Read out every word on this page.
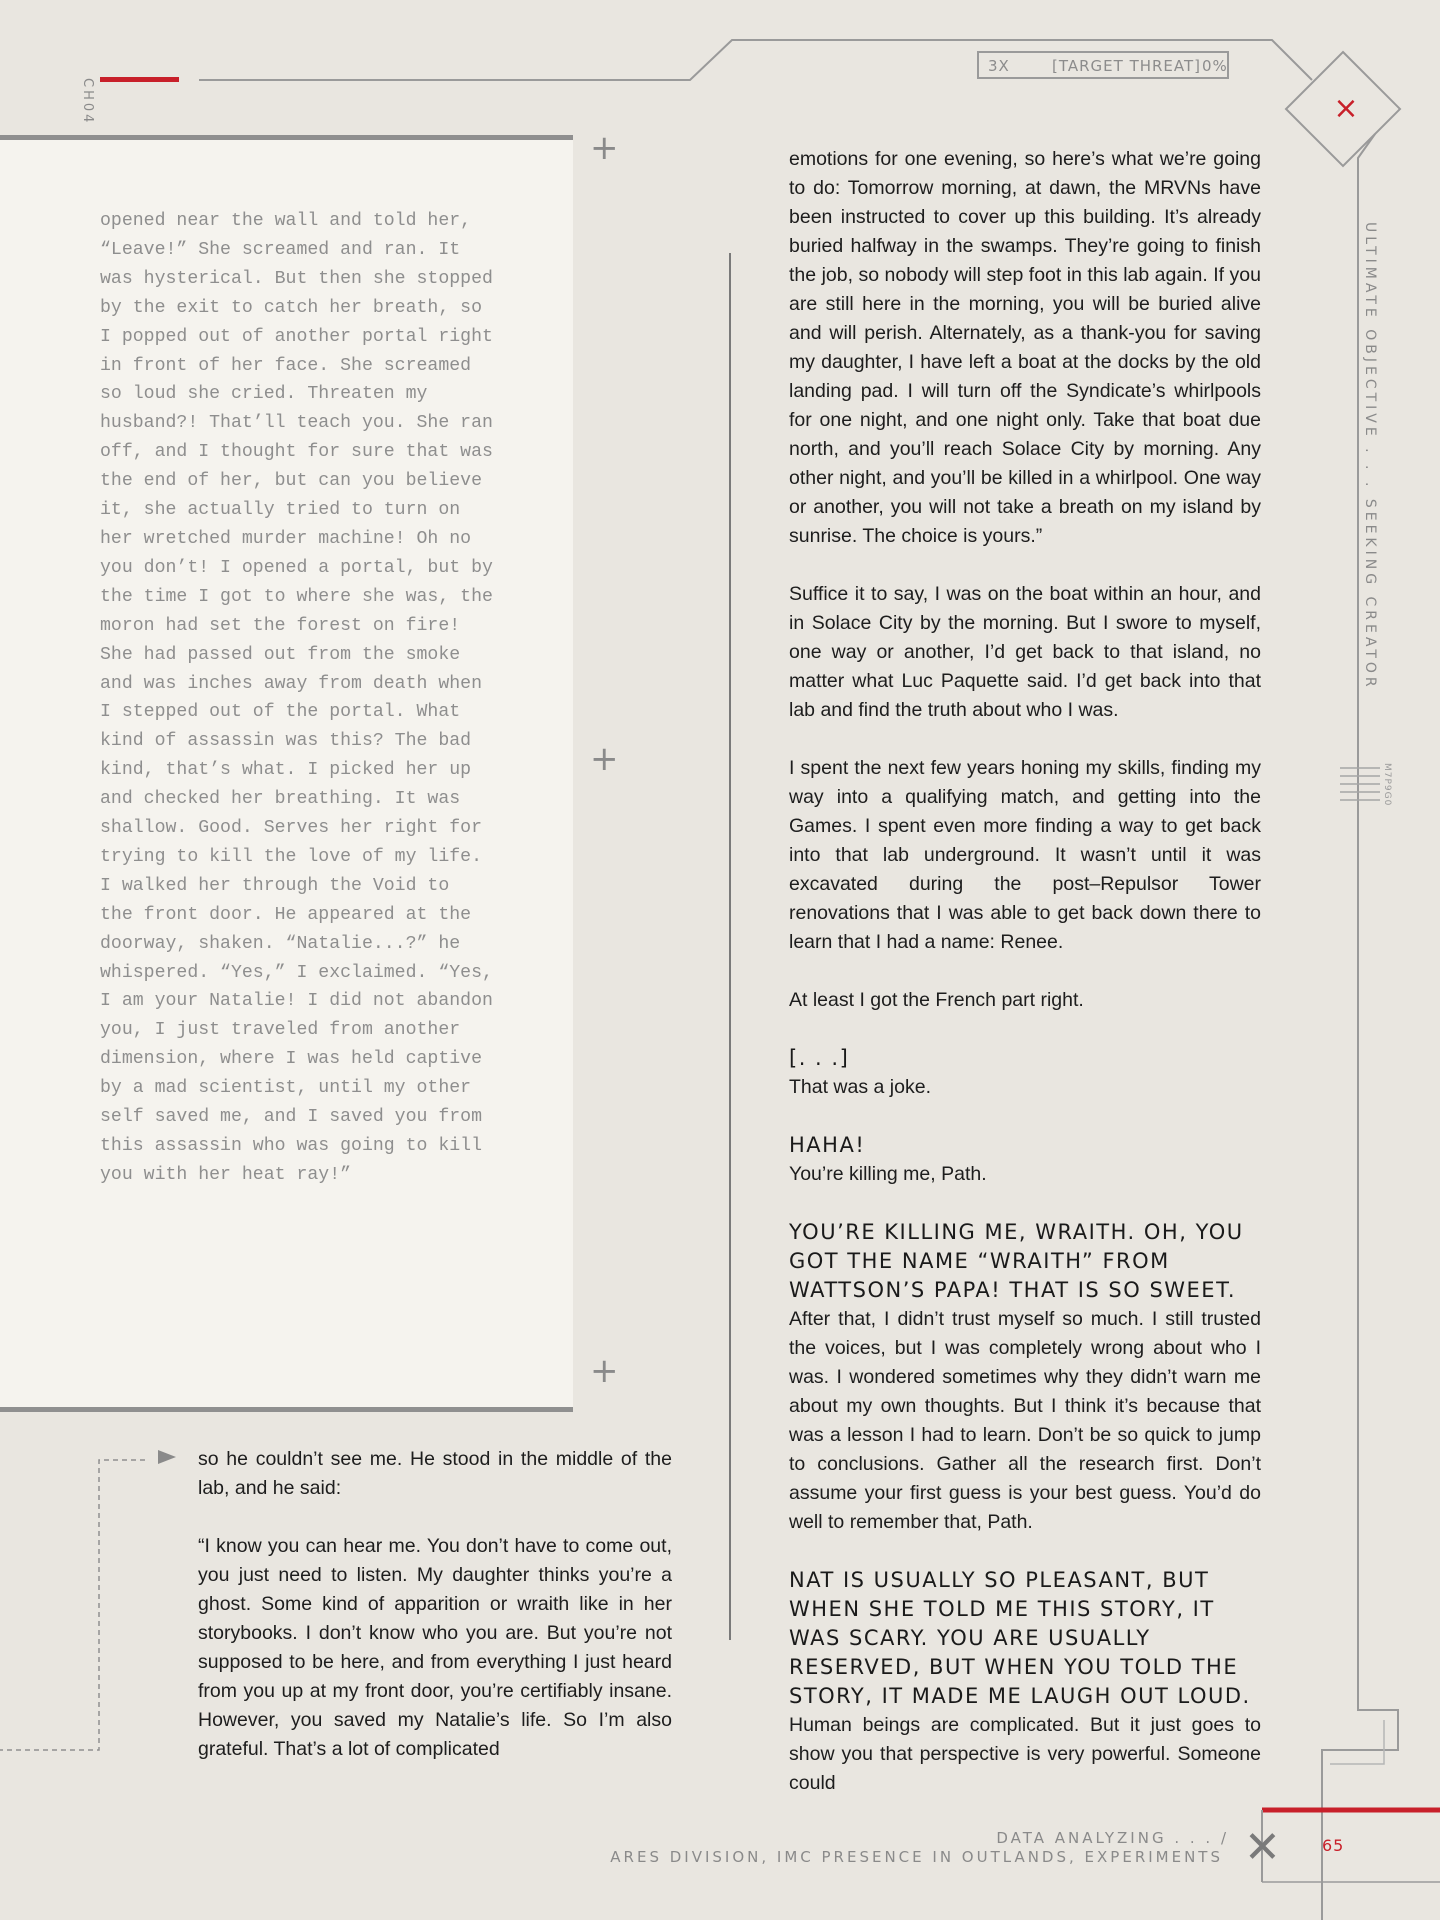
CH04
3X	[TARGET THREAT] 0%
×
ULTIMATE OBJECTIVE . . . SEEKING CREATOR
M7P9G0
opened near the wall and told her,
“Leave!” She screamed and ran. It
was hysterical. But then she stopped
by the exit to catch her breath, so
I popped out of another portal right
in front of her face. She screamed
so loud she cried. Threaten my
husband?! That’ll teach you. She ran
off, and I thought for sure that was
the end of her, but can you believe
it, she actually tried to turn on
her wretched murder machine! Oh no
you don’t! I opened a portal, but by
the time I got to where she was, the
moron had set the forest on fire!
She had passed out from the smoke
and was inches away from death when
I stepped out of the portal. What
kind of assassin was this? The bad
kind, that’s what. I picked her up
and checked her breathing. It was
shallow. Good. Serves her right for
trying to kill the love of my life.
I walked her through the Void to
the front door. He appeared at the
doorway, shaken. “Natalie...?” he
whispered. “Yes,” I exclaimed. “Yes,
I am your Natalie! I did not abandon
you, I just traveled from another
dimension, where I was held captive
by a mad scientist, until my other
self saved me, and I saved you from
this assassin who was going to kill
you with her heat ray!”
+
+
+

so he couldn’t see me. He stood in the middle of the lab, and he said:

“I know you can hear me. You don’t have to come out, you just need to listen. My daughter thinks you’re a ghost. Some kind of apparition or wraith like in her storybooks. I don’t know who you are. But you’re not supposed to be here, and from everything I just heard from you up at my front door, you’re certifiably insane. However, you saved my Natalie’s life. So I’m also grateful. That’s a lot of complicated

emotions for one evening, so here’s what we’re going to do: Tomorrow morning, at dawn, the MRVNs have been instructed to cover up this building. It’s already buried halfway in the swamps. They’re going to finish the job, so nobody will step foot in this lab again. If you are still here in the morning, you will be buried alive and will perish. Alternately, as a thank-you for saving my daughter, I have left a boat at the docks by the old landing pad. I will turn off the Syndicate’s whirlpools for one night, and one night only. Take that boat due north, and you’ll reach Solace City by morning. Any other night, and you’ll be killed in a whirlpool. One way or another, you will not take a breath on my island by sunrise. The choice is yours.”

Suffice it to say, I was on the boat within an hour, and in Solace City by the morning. But I swore to myself, one way or another, I’d get back to that island, no matter what Luc Paquette said. I’d get back into that lab and find the truth about who I was.

I spent the next few years honing my skills, finding my way into a qualifying match, and getting into the Games. I spent even more finding a way to get back into that lab underground. It wasn’t until it was excavated during the post–Repulsor Tower renovations that I was able to get back down there to learn that I had a name: Renee.

At least I got the French part right.

[. . .]

That was a joke.

HAHA!

You’re killing me, Path.

YOU’RE KILLING ME, WRAITH. OH, YOU GOT THE NAME “WRAITH” FROM WATTSON’S PAPA! THAT IS SO SWEET.

After that, I didn’t trust myself so much. I still trusted the voices, but I was completely wrong about who I was. I wondered sometimes why they didn’t warn me about my own thoughts. But I think it’s because that was a lesson I had to learn. Don’t be so quick to jump to conclusions. Gather all the research first. Don’t assume your first guess is your best guess. You’d do well to remember that, Path.

NAT IS USUALLY SO PLEASANT, BUT WHEN SHE TOLD ME THIS STORY, IT WAS SCARY. YOU ARE USUALLY RESERVED, BUT WHEN YOU TOLD THE STORY, IT MADE ME LAUGH OUT LOUD.

Human beings are complicated. But it just goes to show you that perspective is very powerful. Someone could

DATA ANALYZING . . . /
ARES DIVISION, IMC PRESENCE IN OUTLANDS, EXPERIMENTS ✕	65
